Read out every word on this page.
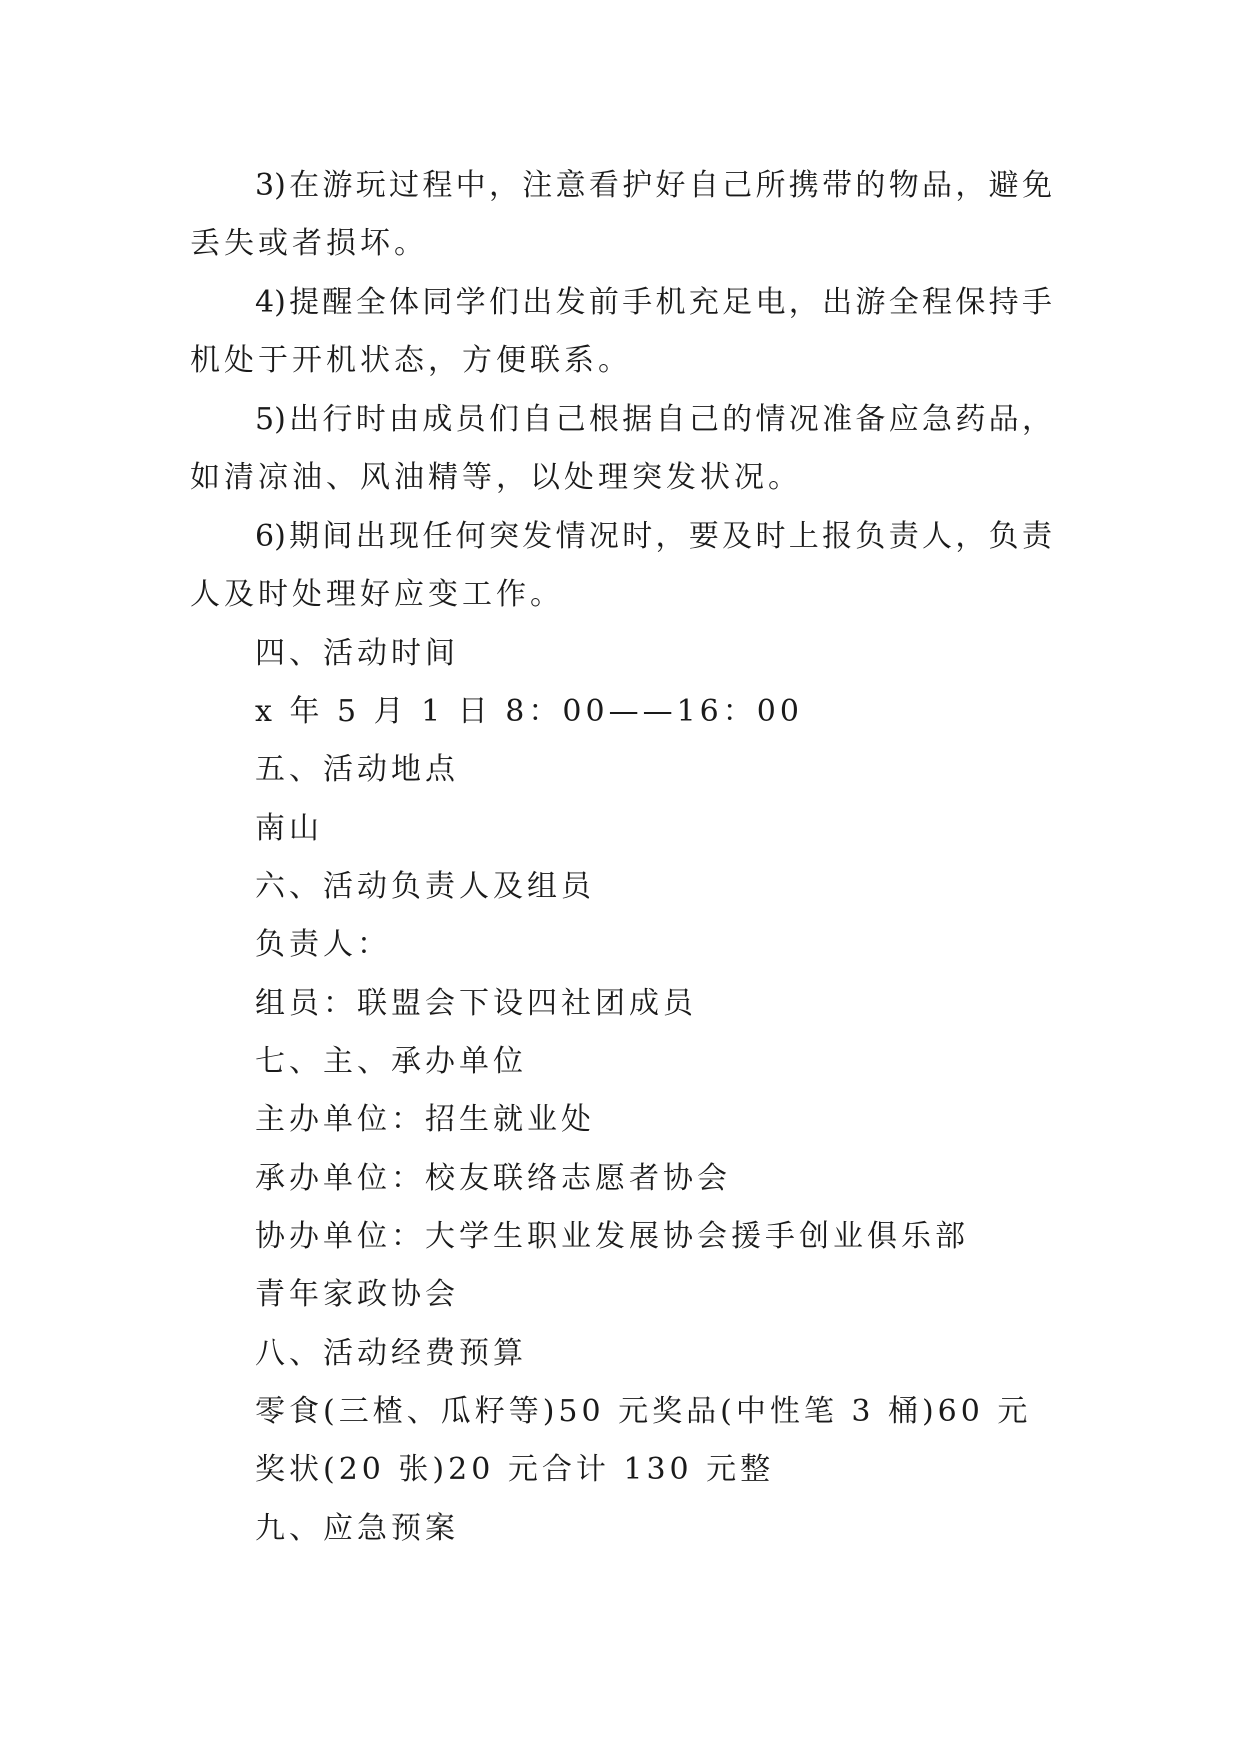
3)在游玩过程中，注意看护好自己所携带的物品，避免
丢失或者损坏。
4)提醒全体同学们出发前手机充足电，出游全程保持手
机处于开机状态，方便联系。
5)出行时由成员们自己根据自己的情况准备应急药品，
如清凉油、风油精等，以处理突发状况。
6)期间出现任何突发情况时，要及时上报负责人，负责
人及时处理好应变工作。
四、活动时间
x 年 5 月 1 日 8：00——16：00
五、活动地点
南山
六、活动负责人及组员
负责人：
组员：联盟会下设四社团成员
七、主、承办单位
主办单位：招生就业处
承办单位：校友联络志愿者协会
协办单位：大学生职业发展协会援手创业俱乐部
青年家政协会
八、活动经费预算
零食(三楂、瓜籽等)50 元奖品(中性笔 3 桶)60 元
奖状(20 张)20 元合计 130 元整
九、应急预案
